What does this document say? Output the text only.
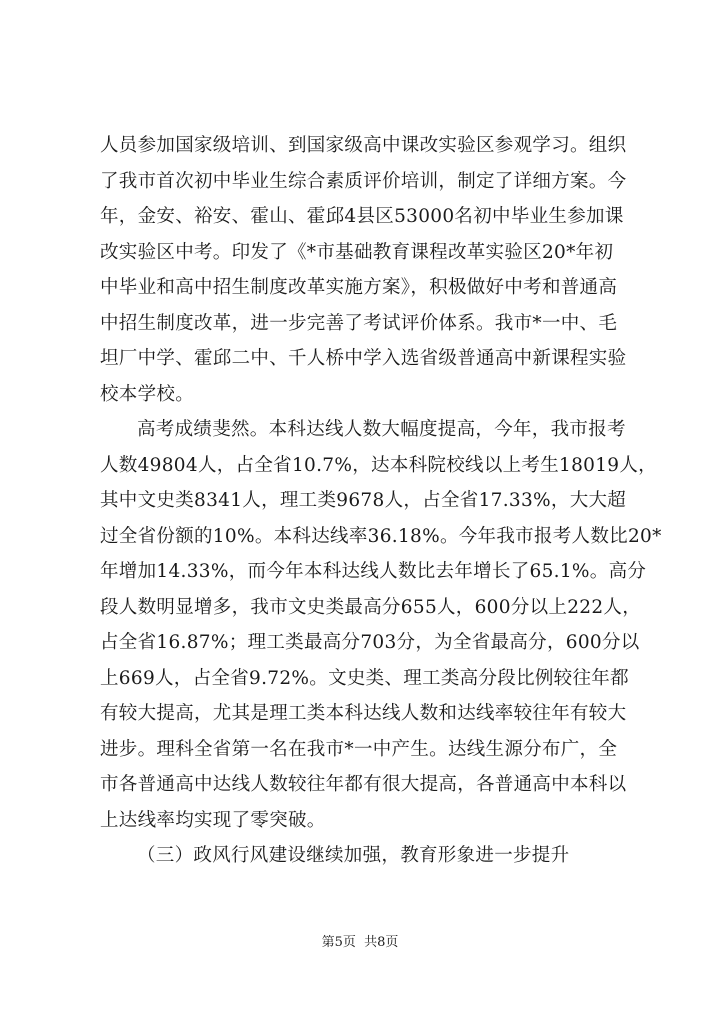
人员参加国家级培训、到国家级高中课改实验区参观学习。组织
了我市首次初中毕业生综合素质评价培训，制定了详细方案。今
年，金安、裕安、霍山、霍邱4县区53000名初中毕业生参加课
改实验区中考。印发了《*市基础教育课程改革实验区20*年初
中毕业和高中招生制度改革实施方案》，积极做好中考和普通高
中招生制度改革，进一步完善了考试评价体系。我市*一中、毛
坦厂中学、霍邱二中、千人桥中学入选省级普通高中新课程实验
校本学校。
高考成绩斐然。本科达线人数大幅度提高，今年，我市报考
人数49804人，占全省10.7%，达本科院校线以上考生18019人，
其中文史类8341人，理工类9678人，占全省17.33%，大大超
过全省份额的10%。本科达线率36.18%。今年我市报考人数比20*
年增加14.33%，而今年本科达线人数比去年增长了65.1%。高分
段人数明显增多，我市文史类最高分655人，600分以上222人，
占全省16.87%；理工类最高分703分，为全省最高分，600分以
上669人，占全省9.72%。文史类、理工类高分段比例较往年都
有较大提高，尤其是理工类本科达线人数和达线率较往年有较大
进步。理科全省第一名在我市*一中产生。达线生源分布广，全
市各普通高中达线人数较往年都有很大提高，各普通高中本科以
上达线率均实现了零突破。
（三）政风行风建设继续加强，教育形象进一步提升
第5页 共8页
